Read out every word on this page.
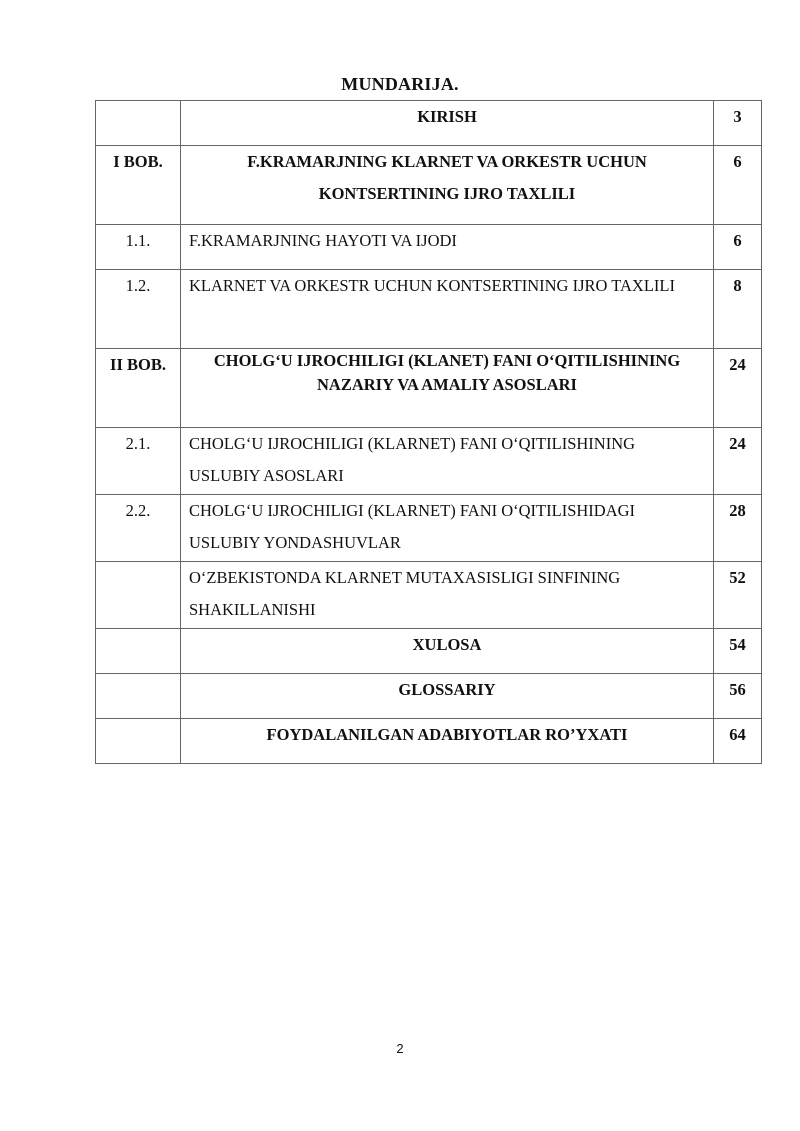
MUNDARIJA.
	KIRISH	3
I BOB.	F.KRAMARJNING KLARNET VA ORKESTR UCHUN KONTSERTINING IJRO TAXLILI	6
1.1.	F.KRAMARJNING HAYOTI VA IJODI	6
1.2.	KLARNET VA ORKESTR UCHUN KONTSERTINING IJRO TAXLILI	8
II BOB.	CHOLG‘U IJROCHILIGI (KLANET) FANI O‘QITILISHINING NAZARIY VA AMALIY ASOSLARI	24
2.1.	CHOLG‘U IJROCHILIGI (KLARNET) FANI O‘QITILISHINING USLUBIY ASOSLARI	24
2.2.	CHOLG‘U IJROCHILIGI (KLARNET) FANI O‘QITILISHIDAGI USLUBIY YONDASHUVLAR	28
	O‘ZBEKISTONDA KLARNET MUTAXASISLIGI SINFINING SHAKILLANISHI	52
	XULOSA	54
	GLOSSARIY	56
	FOYDALANILGAN ADABIYOTLAR RO’YXATI	64
2
